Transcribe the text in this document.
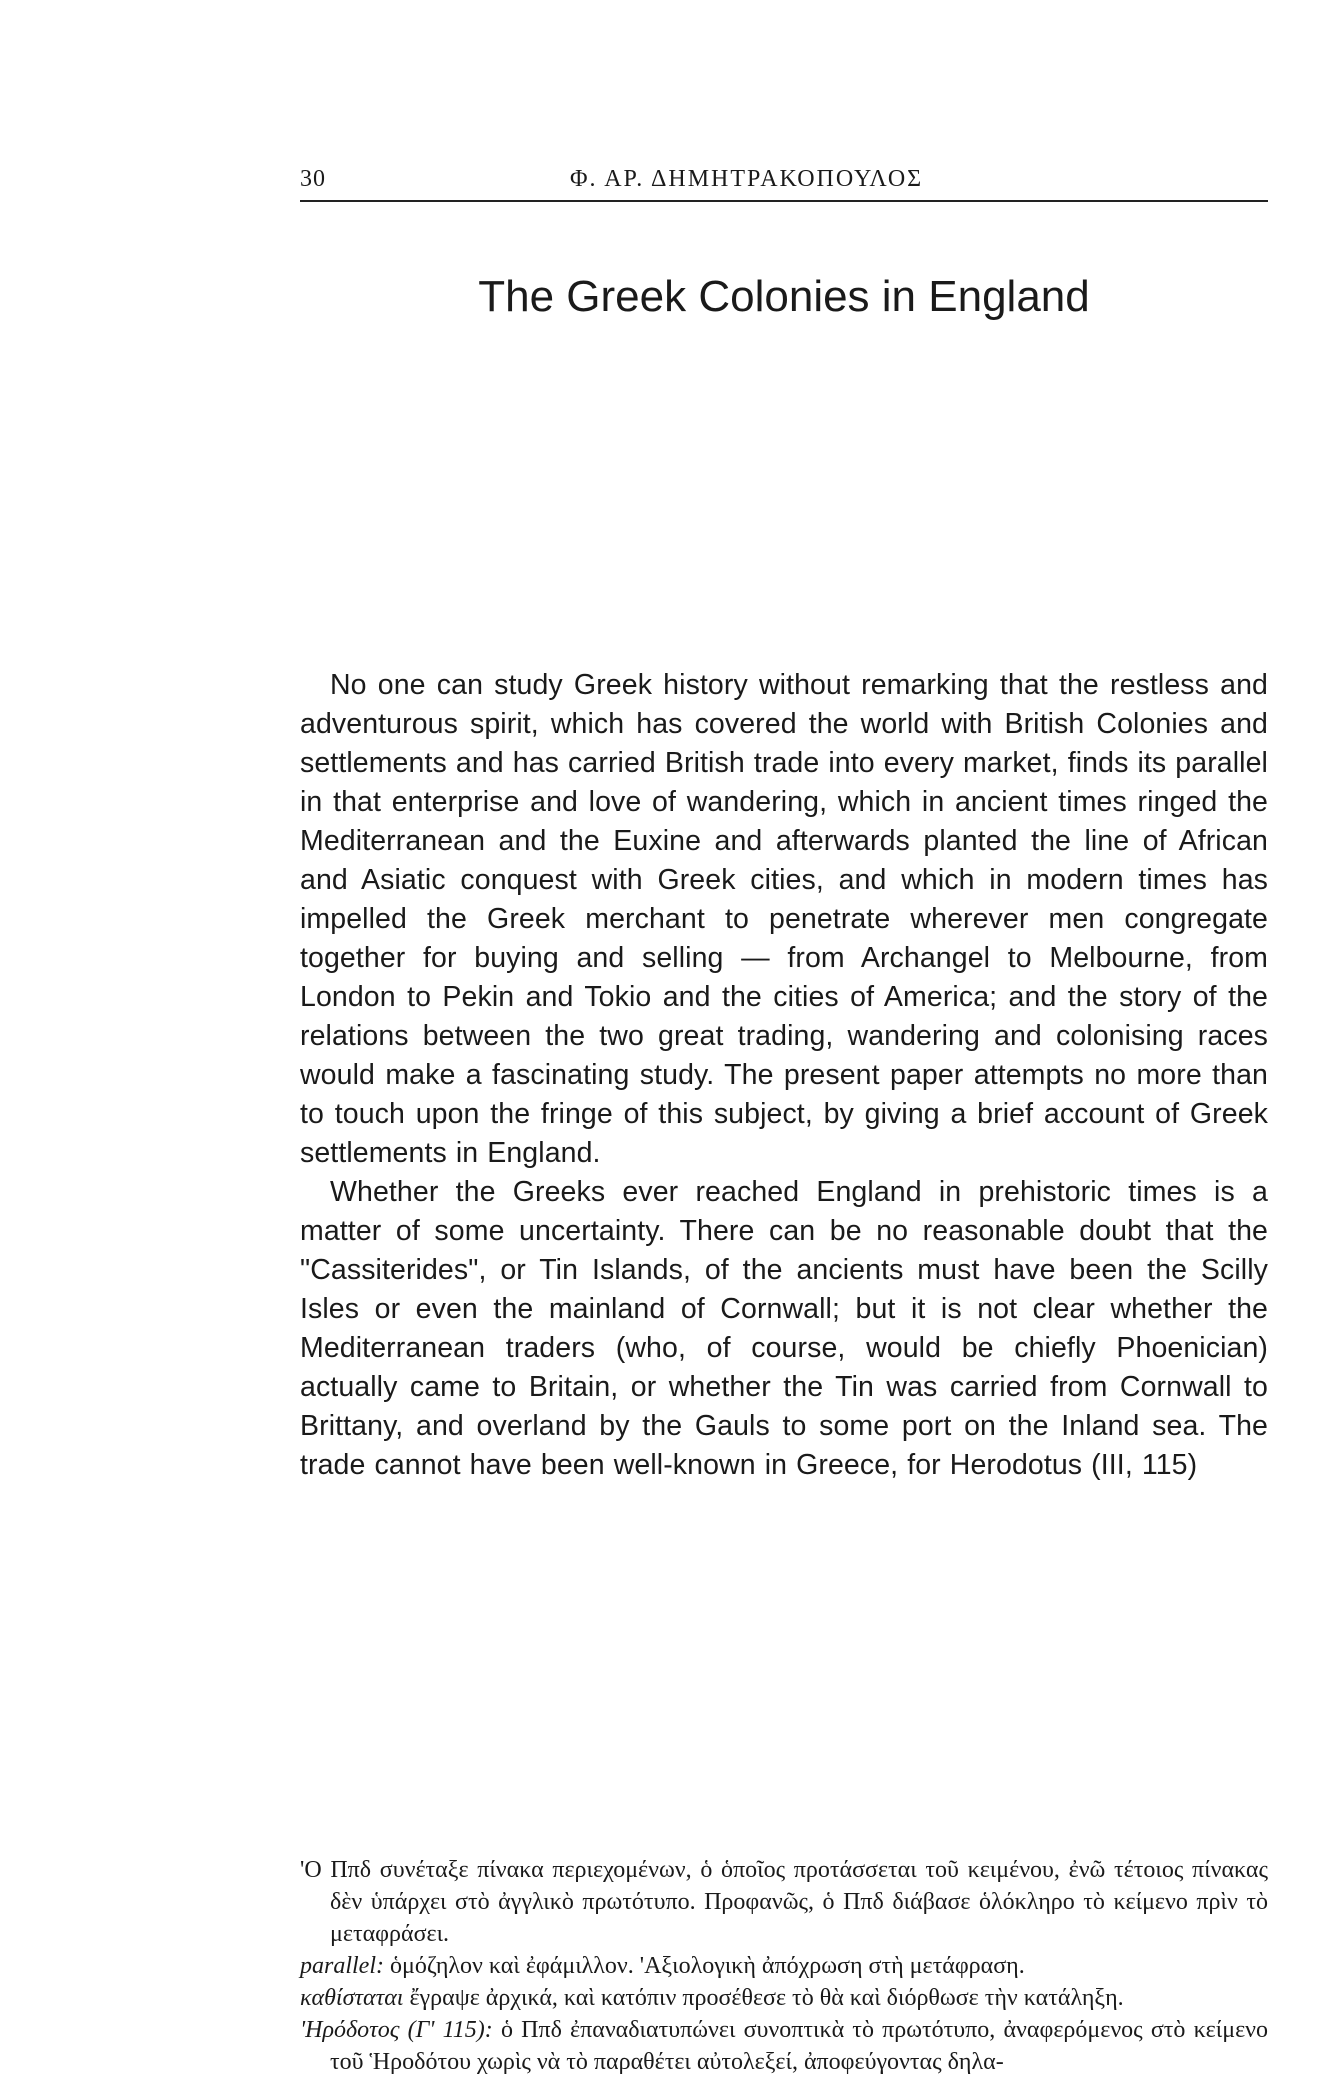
30	Φ. ΑΡ. ΔΗΜΗΤΡΑΚΟΠΟΥΛΟΣ
The Greek Colonies in England

No one can study Greek history without remarking that the restless and adventurous spirit, which has covered the world with British Colonies and settlements and has carried British trade into every market, finds its parallel in that enterprise and love of wandering, which in ancient times ringed the Mediterranean and the Euxine and afterwards planted the line of African and Asiatic conquest with Greek cities, and which in modern times has impelled the Greek merchant to penetrate wherever men congregate together for buying and selling — from Archangel to Melbourne, from London to Pekin and Tokio and the cities of America; and the story of the relations between the two great trading, wandering and colonising races would make a fascinating study. The present paper attempts no more than to touch upon the fringe of this subject, by giving a brief account of Greek settlements in England.

Whether the Greeks ever reached England in prehistoric times is a matter of some uncertainty. There can be no reasonable doubt that the "Cassiterides", or Tin Islands, of the ancients must have been the Scilly Isles or even the mainland of Cornwall; but it is not clear whether the Mediterranean traders (who, of course, would be chiefly Phoenician) actually came to Britain, or whether the Tin was carried from Cornwall to Brittany, and overland by the Gauls to some port on the Inland sea. The trade cannot have been well-known in Greece, for Herodotus (III, 115)

'Ο Ππδ συνέταξε πίνακα περιεχομένων, ὁ ὁποῖος προτάσσεται τοῦ κειμένου, ἐνῶ τέτοιος πίνακας δὲν ὑπάρχει στὸ ἀγγλικὸ πρωτότυπο. Προφανῶς, ὁ Ππδ διάβασε ὁλόκληρο τὸ κείμενο πρὶν τὸ μεταφράσει.

parallel: ὁμόζηλον καὶ ἐφάμιλλον. 'Αξιολογικὴ ἀπόχρωση στὴ μετάφραση.

καθίσταται ἔγραψε ἀρχικά, καὶ κατόπιν προσέθεσε τὸ θὰ καὶ διόρθωσε τὴν κατάληξη.

'Ηρόδοτος (Γ' 115): ὁ Ππδ ἐπαναδιατυπώνει συνοπτικὰ τὸ πρωτότυπο, ἀναφερόμενος στὸ κείμενο τοῦ Ἡροδότου χωρὶς νὰ τὸ παραθέτει αὐτολεξεί, ἀποφεύγοντας δηλα-
